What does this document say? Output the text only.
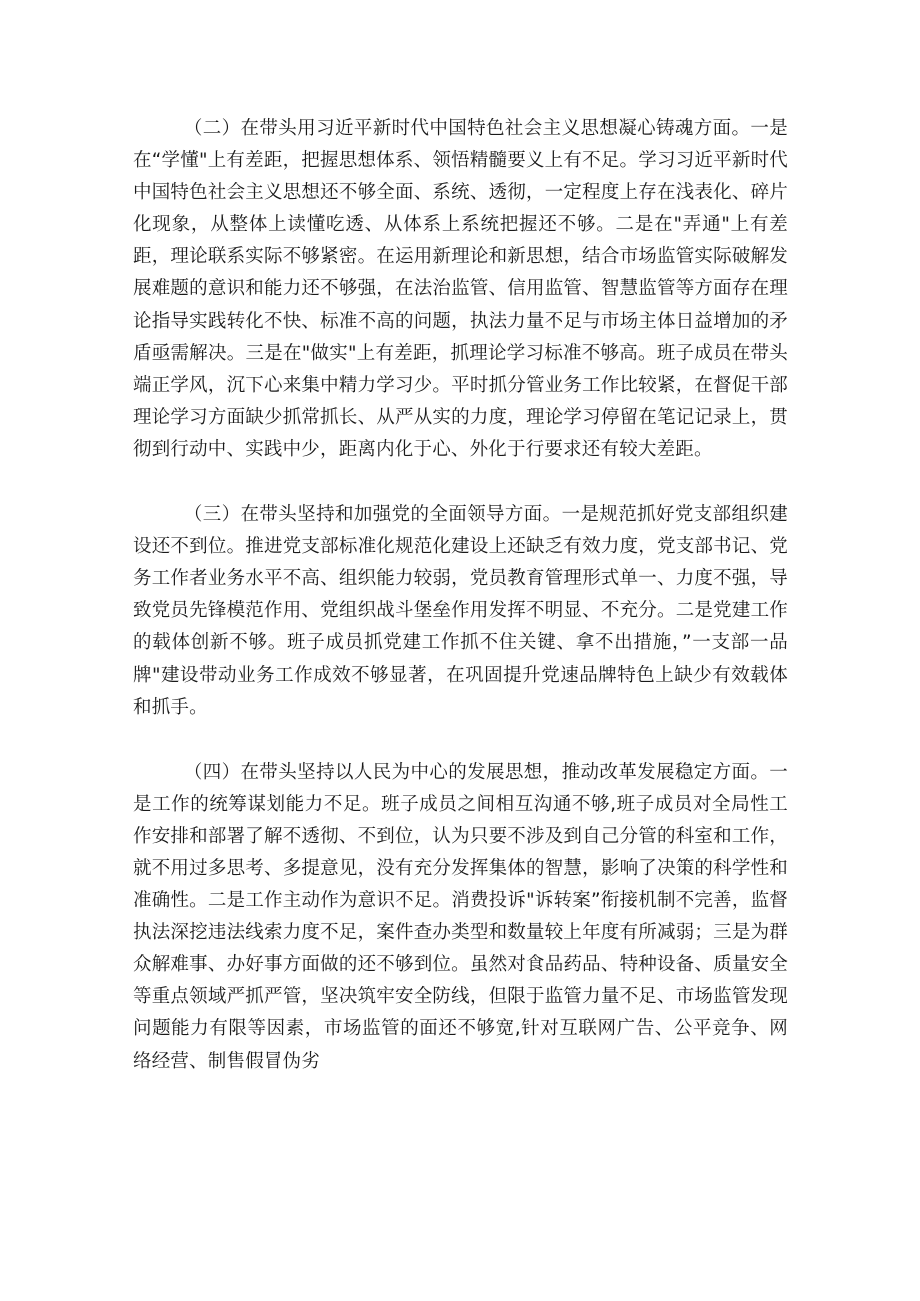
（二）在带头用习近平新时代中国特色社会主义思想凝心铸魂方面。一是在“学懂"上有差距，把握思想体系、领悟精髓要义上有不足。学习习近平新时代中国特色社会主义思想还不够全面、系统、透彻，一定程度上存在浅表化、碎片化现象，从整体上读懂吃透、从体系上系统把握还不够。二是在"弄通"上有差距，理论联系实际不够紧密。在运用新理论和新思想，结合市场监管实际破解发展难题的意识和能力还不够强，在法治监管、信用监管、智慧监管等方面存在理论指导实践转化不快、标准不高的问题，执法力量不足与市场主体日益增加的矛盾亟需解决。三是在"做实"上有差距，抓理论学习标准不够高。班子成员在带头端正学风，沉下心来集中精力学习少。平时抓分管业务工作比较紧，在督促干部理论学习方面缺少抓常抓长、从严从实的力度，理论学习停留在笔记记录上，贯彻到行动中、实践中少，距离内化于心、外化于行要求还有较大差距。

（三）在带头坚持和加强党的全面领导方面。一是规范抓好党支部组织建设还不到位。推进党支部标准化规范化建设上还缺乏有效力度，党支部书记、党务工作者业务水平不高、组织能力较弱，党员教育管理形式单一、力度不强，导致党员先锋模范作用、党组织战斗堡垒作用发挥不明显、不充分。二是党建工作的载体创新不够。班子成员抓党建工作抓不住关键、拿不出措施，”一支部一品牌"建设带动业务工作成效不够显著，在巩固提升党速品牌特色上缺少有效载体和抓手。

（四）在带头坚持以人民为中心的发展思想，推动改革发展稳定方面。一是工作的统筹谋划能力不足。班子成员之间相互沟通不够,班子成员对全局性工作安排和部署了解不透彻、不到位，认为只要不涉及到自己分管的科室和工作，就不用过多思考、多提意见，没有充分发挥集体的智慧，影响了决策的科学性和准确性。二是工作主动作为意识不足。消费投诉"诉转案”衔接机制不完善，监督执法深挖违法线索力度不足，案件查办类型和数量较上年度有所减弱；三是为群众解难事、办好事方面做的还不够到位。虽然对食品药品、特种设备、质量安全等重点领域严抓严管，坚决筑牢安全防线，但限于监管力量不足、市场监管发现问题能力有限等因素，市场监管的面还不够宽,针对互联网广告、公平竞争、网络经营、制售假冒伪劣
